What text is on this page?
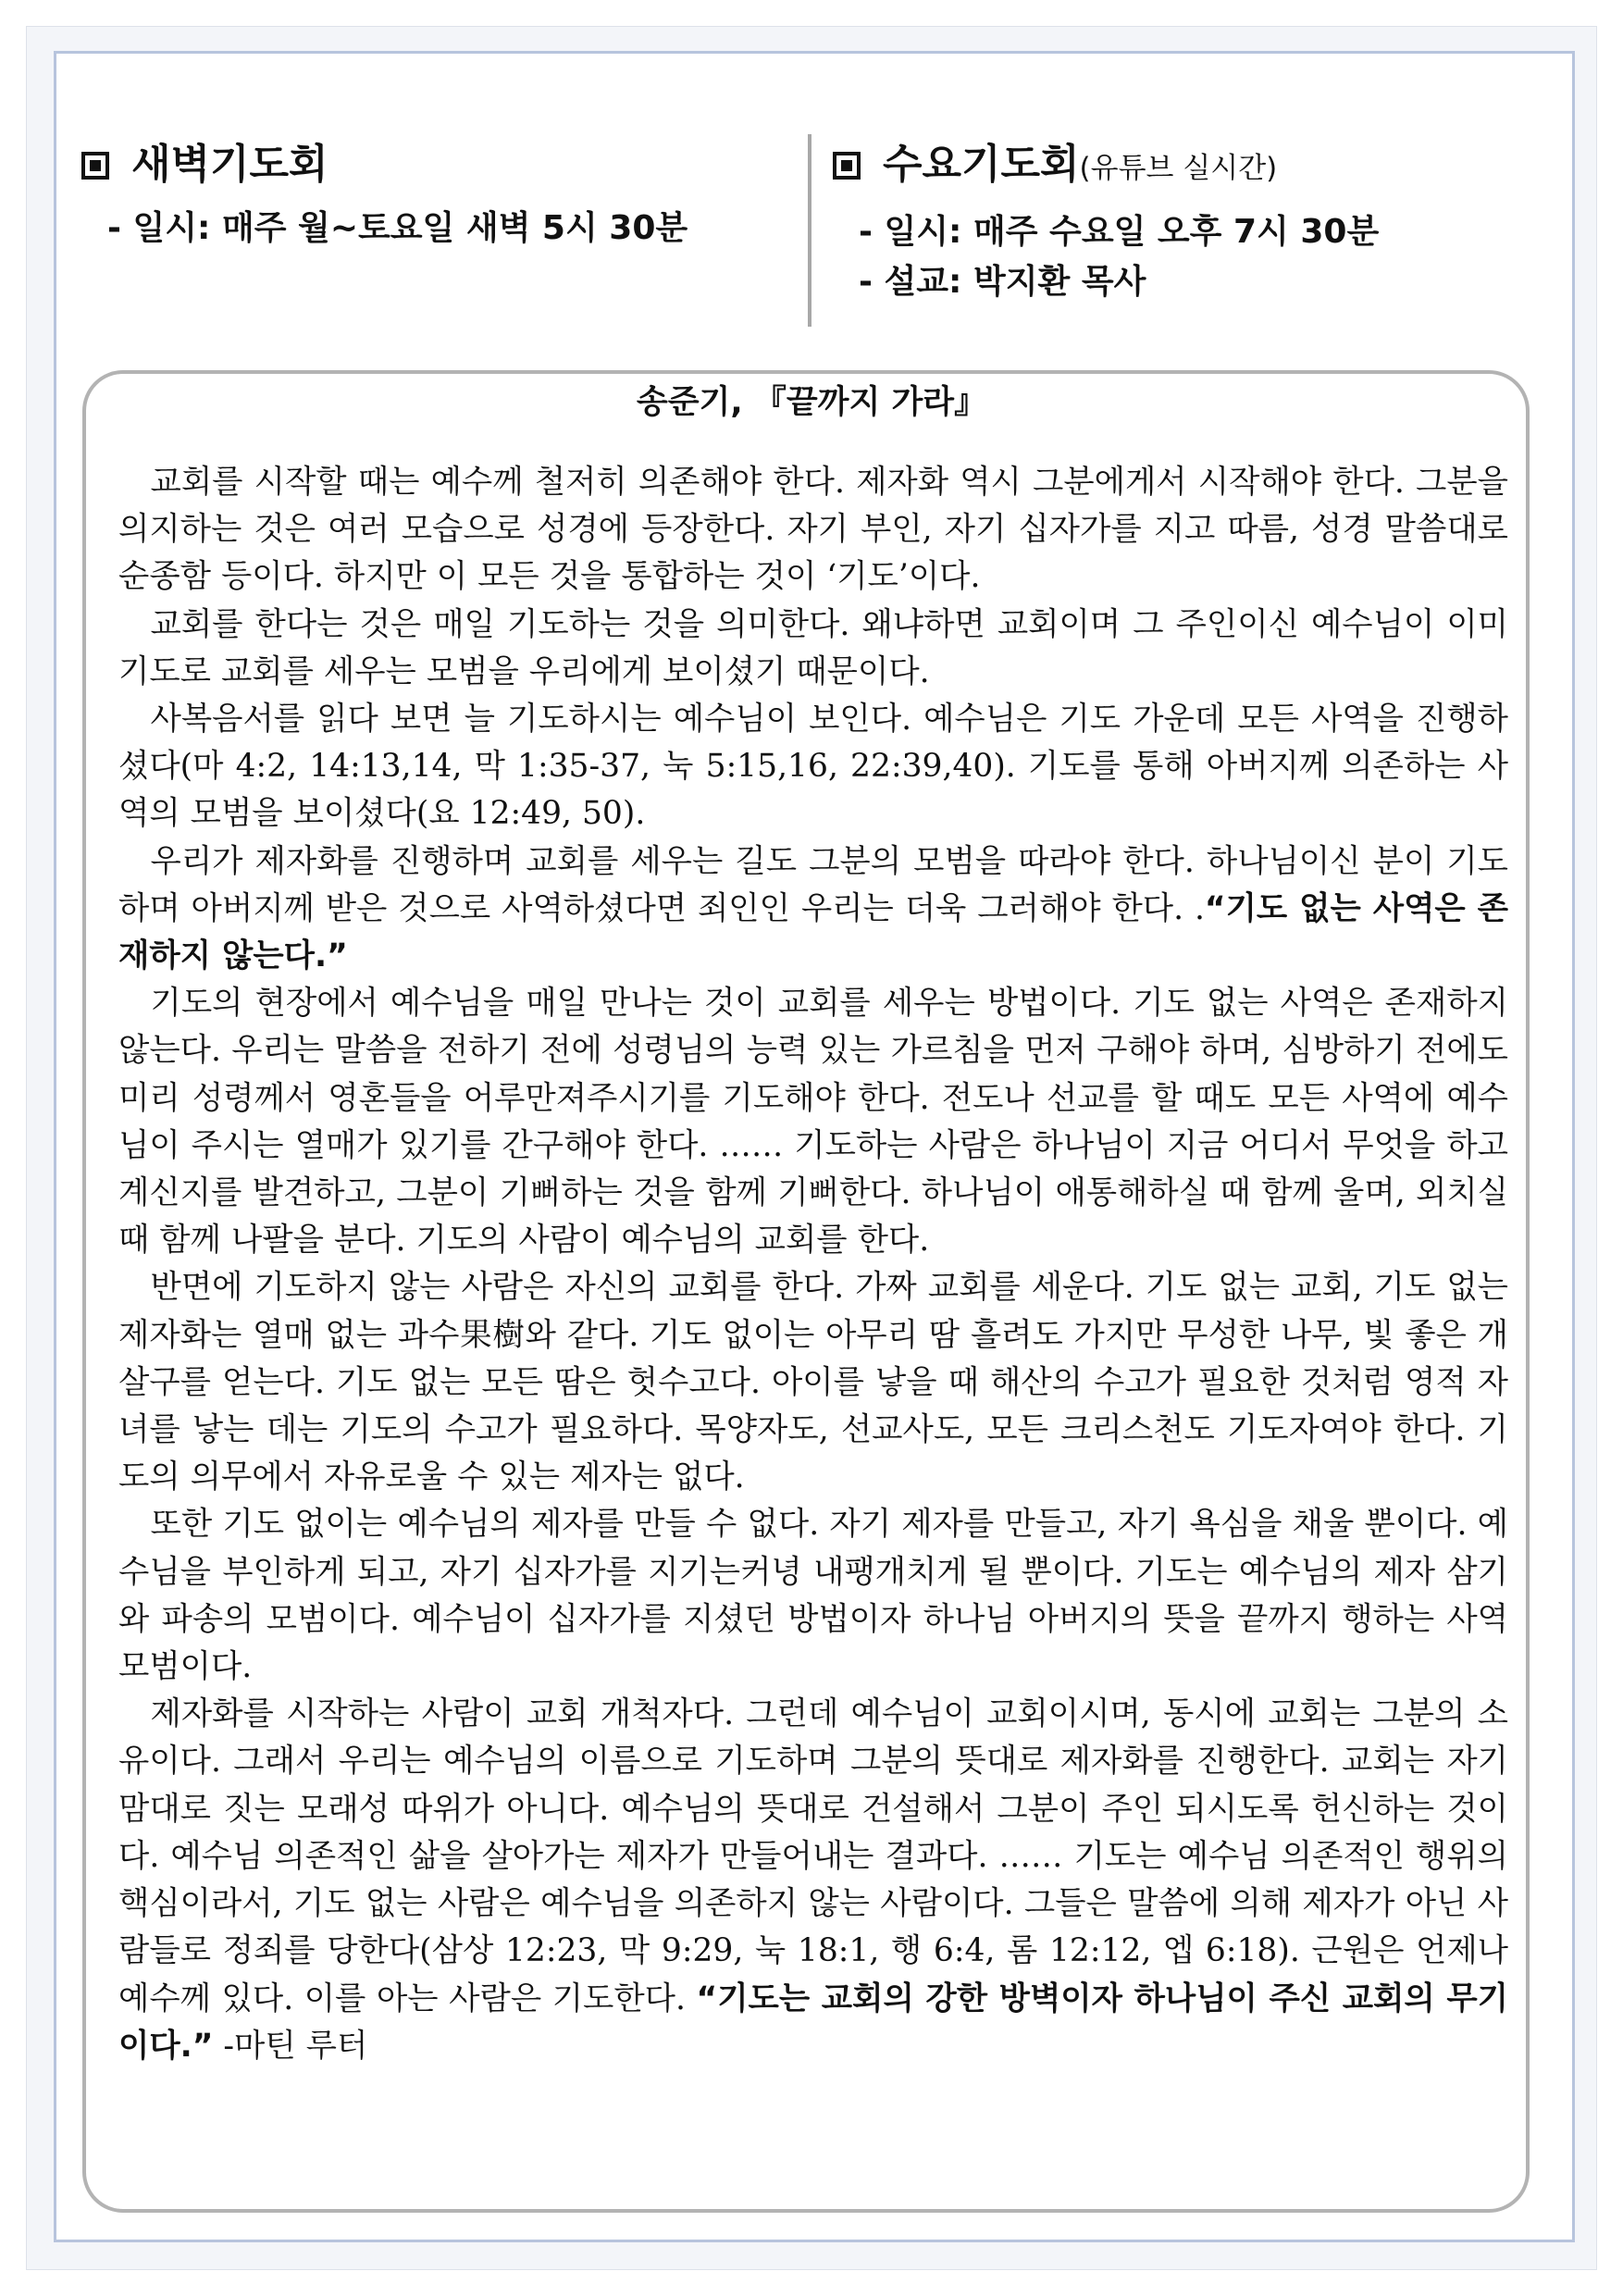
새벽기도회
- 일시: 매주 월~토요일 새벽 5시 30분
수요기도회(유튜브 실시간)
- 일시: 매주 수요일 오후 7시 30분
- 설교: 박지환 목사
송준기, 『끝까지 가라』

교회를 시작할 때는 예수께 철저히 의존해야 한다. 제자화 역시 그분에게서 시작해야 한다. 그분을 의지하는 것은 여러 모습으로 성경에 등장한다. 자기 부인, 자기 십자가를 지고 따름, 성경 말씀대로 순종함 등이다. 하지만 이 모든 것을 통합하는 것이 ‘기도’이다.

교회를 한다는 것은 매일 기도하는 것을 의미한다. 왜냐하면 교회이며 그 주인이신 예수님이 이미 기도로 교회를 세우는 모범을 우리에게 보이셨기 때문이다.

사복음서를 읽다 보면 늘 기도하시는 예수님이 보인다. 예수님은 기도 가운데 모든 사역을 진행하셨다(마 4:2, 14:13,14, 막 1:35-37, 눅 5:15,16, 22:39,40). 기도를 통해 아버지께 의존하는 사역의 모범을 보이셨다(요 12:49, 50).

우리가 제자화를 진행하며 교회를 세우는 길도 그분의 모범을 따라야 한다. 하나님이신 분이 기도하며 아버지께 받은 것으로 사역하셨다면 죄인인 우리는 더욱 그러해야 한다. .“기도 없는 사역은 존재하지 않는다.”

기도의 현장에서 예수님을 매일 만나는 것이 교회를 세우는 방법이다. 기도 없는 사역은 존재하지 않는다. 우리는 말씀을 전하기 전에 성령님의 능력 있는 가르침을 먼저 구해야 하며, 심방하기 전에도 미리 성령께서 영혼들을 어루만져주시기를 기도해야 한다. 전도나 선교를 할 때도 모든 사역에 예수님이 주시는 열매가 있기를 간구해야 한다. …… 기도하는 사람은 하나님이 지금 어디서 무엇을 하고 계신지를 발견하고, 그분이 기뻐하는 것을 함께 기뻐한다. 하나님이 애통해하실 때 함께 울며, 외치실 때 함께 나팔을 분다. 기도의 사람이 예수님의 교회를 한다.

반면에 기도하지 않는 사람은 자신의 교회를 한다. 가짜 교회를 세운다. 기도 없는 교회, 기도 없는 제자화는 열매 없는 과수果樹와 같다. 기도 없이는 아무리 땀 흘려도 가지만 무성한 나무, 빛 좋은 개살구를 얻는다. 기도 없는 모든 땀은 헛수고다. 아이를 낳을 때 해산의 수고가 필요한 것처럼 영적 자녀를 낳는 데는 기도의 수고가 필요하다. 목양자도, 선교사도, 모든 크리스천도 기도자여야 한다. 기도의 의무에서 자유로울 수 있는 제자는 없다.

또한 기도 없이는 예수님의 제자를 만들 수 없다. 자기 제자를 만들고, 자기 욕심을 채울 뿐이다. 예수님을 부인하게 되고, 자기 십자가를 지기는커녕 내팽개치게 될 뿐이다. 기도는 예수님의 제자 삼기와 파송의 모범이다. 예수님이 십자가를 지셨던 방법이자 하나님 아버지의 뜻을 끝까지 행하는 사역 모범이다.

제자화를 시작하는 사람이 교회 개척자다. 그런데 예수님이 교회이시며, 동시에 교회는 그분의 소유이다. 그래서 우리는 예수님의 이름으로 기도하며 그분의 뜻대로 제자화를 진행한다. 교회는 자기 맘대로 짓는 모래성 따위가 아니다. 예수님의 뜻대로 건설해서 그분이 주인 되시도록 헌신하는 것이다. 예수님 의존적인 삶을 살아가는 제자가 만들어내는 결과다. …… 기도는 예수님 의존적인 행위의 핵심이라서, 기도 없는 사람은 예수님을 의존하지 않는 사람이다. 그들은 말씀에 의해 제자가 아닌 사람들로 정죄를 당한다(삼상 12:23, 막 9:29, 눅 18:1, 행 6:4, 롬 12:12, 엡 6:18). 근원은 언제나 예수께 있다. 이를 아는 사람은 기도한다. “기도는 교회의 강한 방벽이자 하나님이 주신 교회의 무기이다.” -마틴 루터
